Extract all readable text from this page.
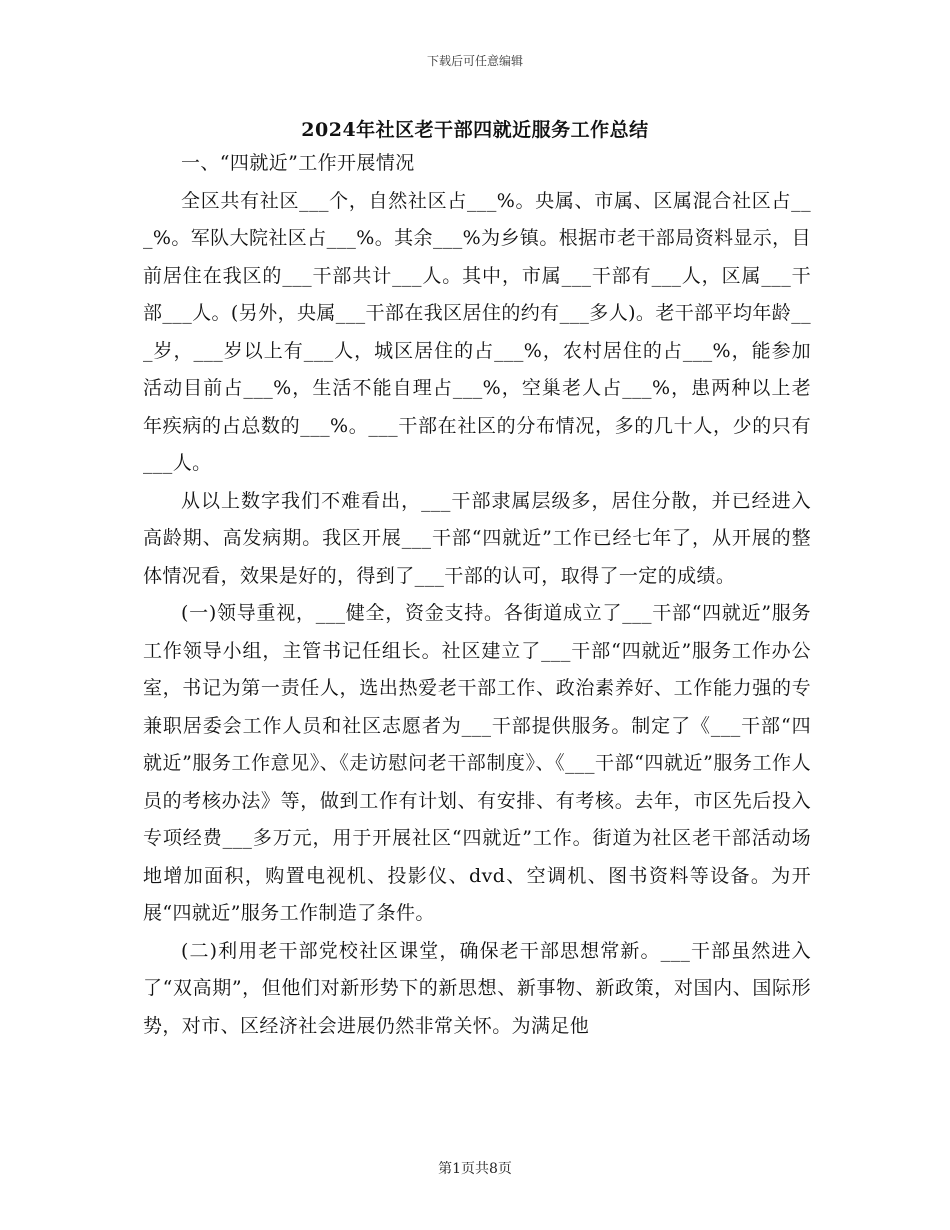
下载后可任意编辑
2024年社区老干部四就近服务工作总结

一、“四就近”工作开展情况

全区共有社区___个，自然社区占___%。央属、市属、区属混合社区占___%。军队大院社区占___%。其余___%为乡镇。根据市老干部局资料显示，目前居住在我区的___干部共计___人。其中，市属___干部有___人，区属___干部___人。(另外，央属___干部在我区居住的约有___多人)。老干部平均年龄___岁，___岁以上有___人，城区居住的占___%，农村居住的占___%，能参加活动目前占___%，生活不能自理占___%，空巢老人占___%，患两种以上老年疾病的占总数的___%。___干部在社区的分布情况，多的几十人，少的只有___人。

从以上数字我们不难看出，___干部隶属层级多，居住分散，并已经进入高龄期、高发病期。我区开展___干部“四就近”工作已经七年了，从开展的整体情况看，效果是好的，得到了___干部的认可，取得了一定的成绩。

(一)领导重视，___健全，资金支持。各街道成立了___干部“四就近”服务工作领导小组，主管书记任组长。社区建立了___干部“四就近”服务工作办公室，书记为第一责任人，选出热爱老干部工作、政治素养好、工作能力强的专兼职居委会工作人员和社区志愿者为___干部提供服务。制定了《___干部“四就近”服务工作意见》、《走访慰问老干部制度》、《___干部“四就近”服务工作人员的考核办法》等，做到工作有计划、有安排、有考核。去年，市区先后投入专项经费___多万元，用于开展社区“四就近”工作。街道为社区老干部活动场地增加面积，购置电视机、投影仪、dvd、空调机、图书资料等设备。为开展“四就近”服务工作制造了条件。

(二)利用老干部党校社区课堂，确保老干部思想常新。___干部虽然进入了“双高期”，但他们对新形势下的新思想、新事物、新政策，对国内、国际形势，对市、区经济社会进展仍然非常关怀。为满足他

第1页共8页
